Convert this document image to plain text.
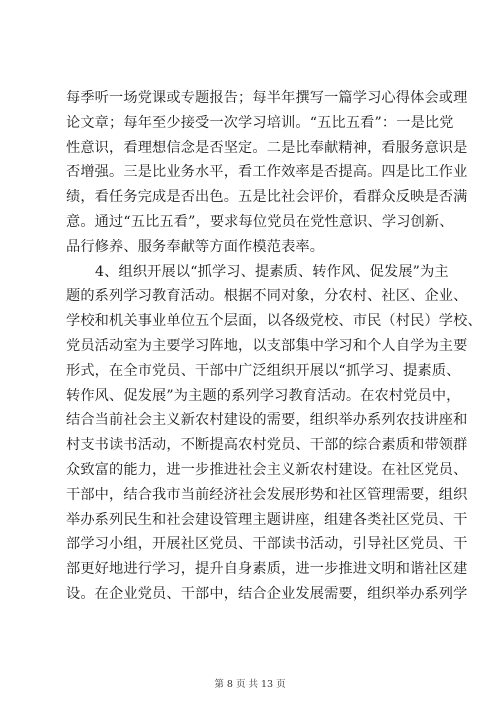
每季听一场党课或专题报告；每半年撰写一篇学习心得体会或理
论文章；每年至少接受一次学习培训。“五比五看”：一是比党
性意识，看理想信念是否坚定。二是比奉献精神，看服务意识是
否增强。三是比业务水平，看工作效率是否提高。四是比工作业
绩，看任务完成是否出色。五是比社会评价，看群众反映是否满
意。通过“五比五看”，要求每位党员在党性意识、学习创新、
品行修养、服务奉献等方面作模范表率。
4、组织开展以“抓学习、提素质、转作风、促发展”为主
题的系列学习教育活动。根据不同对象，分农村、社区、企业、
学校和机关事业单位五个层面，以各级党校、市民（村民）学校、
党员活动室为主要学习阵地，以支部集中学习和个人自学为主要
形式，在全市党员、干部中广泛组织开展以“抓学习、提素质、
转作风、促发展”为主题的系列学习教育活动。在农村党员中，
结合当前社会主义新农村建设的需要，组织举办系列农技讲座和
村支书读书活动，不断提高农村党员、干部的综合素质和带领群
众致富的能力，进一步推进社会主义新农村建设。在社区党员、
干部中，结合我市当前经济社会发展形势和社区管理需要，组织
举办系列民生和社会建设管理主题讲座，组建各类社区党员、干
部学习小组，开展社区党员、干部读书活动，引导社区党员、干
部更好地进行学习，提升自身素质，进一步推进文明和谐社区建
设。在企业党员、干部中，结合企业发展需要，组织举办系列学
第 8 页 共 13 页
